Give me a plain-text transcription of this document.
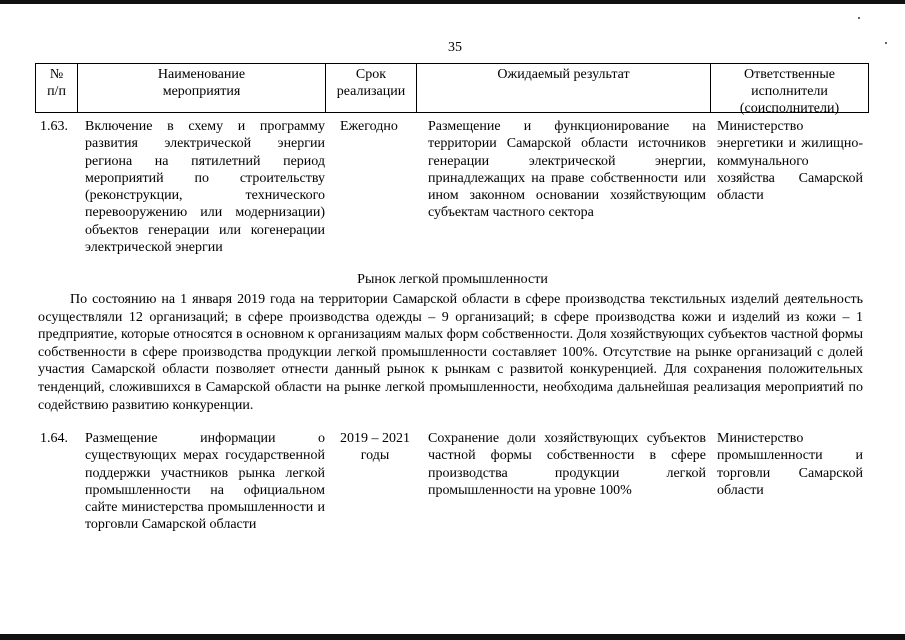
35
№
п/п
Наименование
мероприятия
Срок
реализации
Ожидаемый результат	Ответственные
исполнители
(соисполнители)
1.63. Включение в схему и программу развития электрической энергии региона на пятилетний период мероприятий по строительству (реконструкции, технического перевооружению или модернизации) объектов генерации или когенерации электрической энергии
Ежегодно Размещение и функционирование на территории Самарской области источников генерации электрической энергии, принадлежащих на праве собственности или ином законном основании хозяйствующим субъектам частного сектора
Министерство энергетики и жилищно-коммунального хозяйства Самарской области
Рынок легкой промышленности
По состоянию на 1 января 2019 года на территории Самарской области в сфере производства текстильных изделий деятельность осуществляли 12 организаций; в сфере производства одежды – 9 организаций; в сфере производства кожи и изделий из кожи – 1 предприятие, которые относятся в основном к организациям малых форм собственности. Доля хозяйствующих субъектов частной формы собственности в сфере производства продукции легкой промышленности составляет 100%. Отсутствие на рынке организаций с долей участия Самарской области позволяет отнести данный рынок к рынкам с развитой конкуренцией. Для сохранения положительных тенденций, сложившихся в Самарской области на рынке легкой промышленности, необходима дальнейшая реализация мероприятий по содействию развитию конкуренции.
1.64. Размещение информации о существующих мерах государственной поддержки участников рынка легкой промышленности на официальном сайте министерства промышленности и торговли Самарской области
2019 – 2021
годы
Сохранение доли хозяйствующих субъектов частной формы собственности в сфере производства продукции легкой промышленности на уровне 100%
Министерство промышленности и торговли Самарской области
